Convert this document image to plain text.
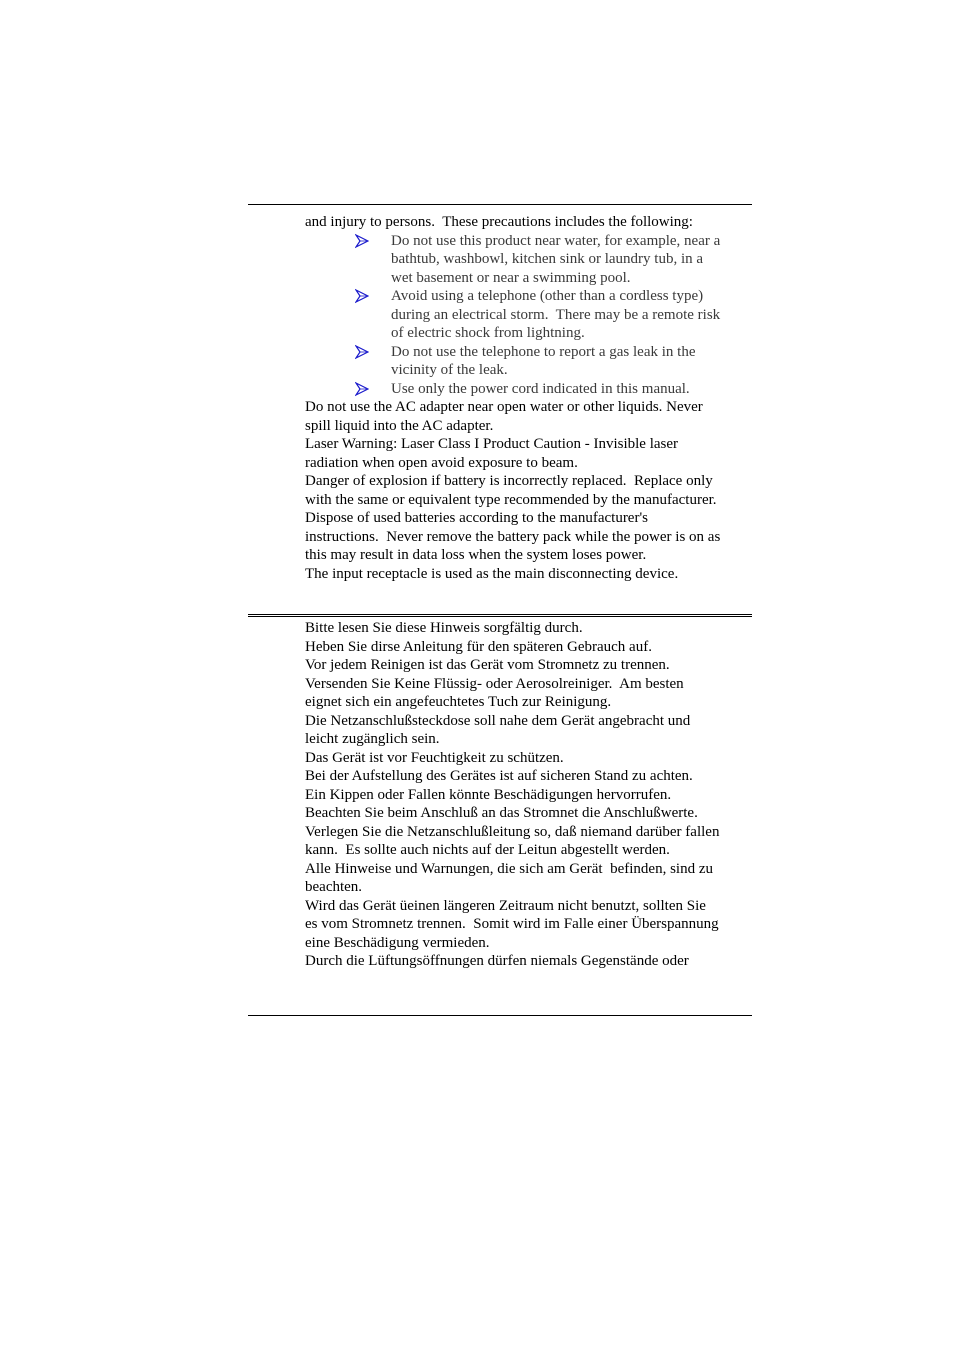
and injury to persons.  These precautions includes the following:
Do not use this product near water, for example, near a
bathtub, washbowl, kitchen sink or laundry tub, in a
wet basement or near a swimming pool.
Avoid using a telephone (other than a cordless type)
during an electrical storm.  There may be a remote risk
of electric shock from lightning.
Do not use the telephone to report a gas leak in the
vicinity of the leak.
Use only the power cord indicated in this manual.
Do not use the AC adapter near open water or other liquids. Never
spill liquid into the AC adapter.
Laser Warning: Laser Class I Product Caution - Invisible laser
radiation when open avoid exposure to beam.
Danger of explosion if battery is incorrectly replaced.  Replace only
with the same or equivalent type recommended by the manufacturer.
Dispose of used batteries according to the manufacturer's
instructions.  Never remove the battery pack while the power is on as
this may result in data loss when the system loses power.
The input receptacle is used as the main disconnecting device.
Bitte lesen Sie diese Hinweis sorgfältig durch.
Heben Sie dirse Anleitung für den späteren Gebrauch auf.
Vor jedem Reinigen ist das Gerät vom Stromnetz zu trennen.
Versenden Sie Keine Flüssig- oder Aerosolreiniger.  Am besten
eignet sich ein angefeuchtetes Tuch zur Reinigung.
Die Netzanschlußsteckdose soll nahe dem Gerät angebracht und
leicht zugänglich sein.
Das Gerät ist vor Feuchtigkeit zu schützen.
Bei der Aufstellung des Gerätes ist auf sicheren Stand zu achten.
Ein Kippen oder Fallen könnte Beschädigungen hervorrufen.
Beachten Sie beim Anschluß an das Stromnet die Anschlußwerte.
Verlegen Sie die Netzanschlußleitung so, daß niemand darüber fallen
kann.  Es sollte auch nichts auf der Leitun abgestellt werden.
Alle Hinweise und Warnungen, die sich am Gerät  befinden, sind zu
beachten.
Wird das Gerät üeinen längeren Zeitraum nicht benutzt, sollten Sie
es vom Stromnetz trennen.  Somit wird im Falle einer Überspannung
eine Beschädigung vermieden.
Durch die Lüftungsöffnungen dürfen niemals Gegenstände oder
